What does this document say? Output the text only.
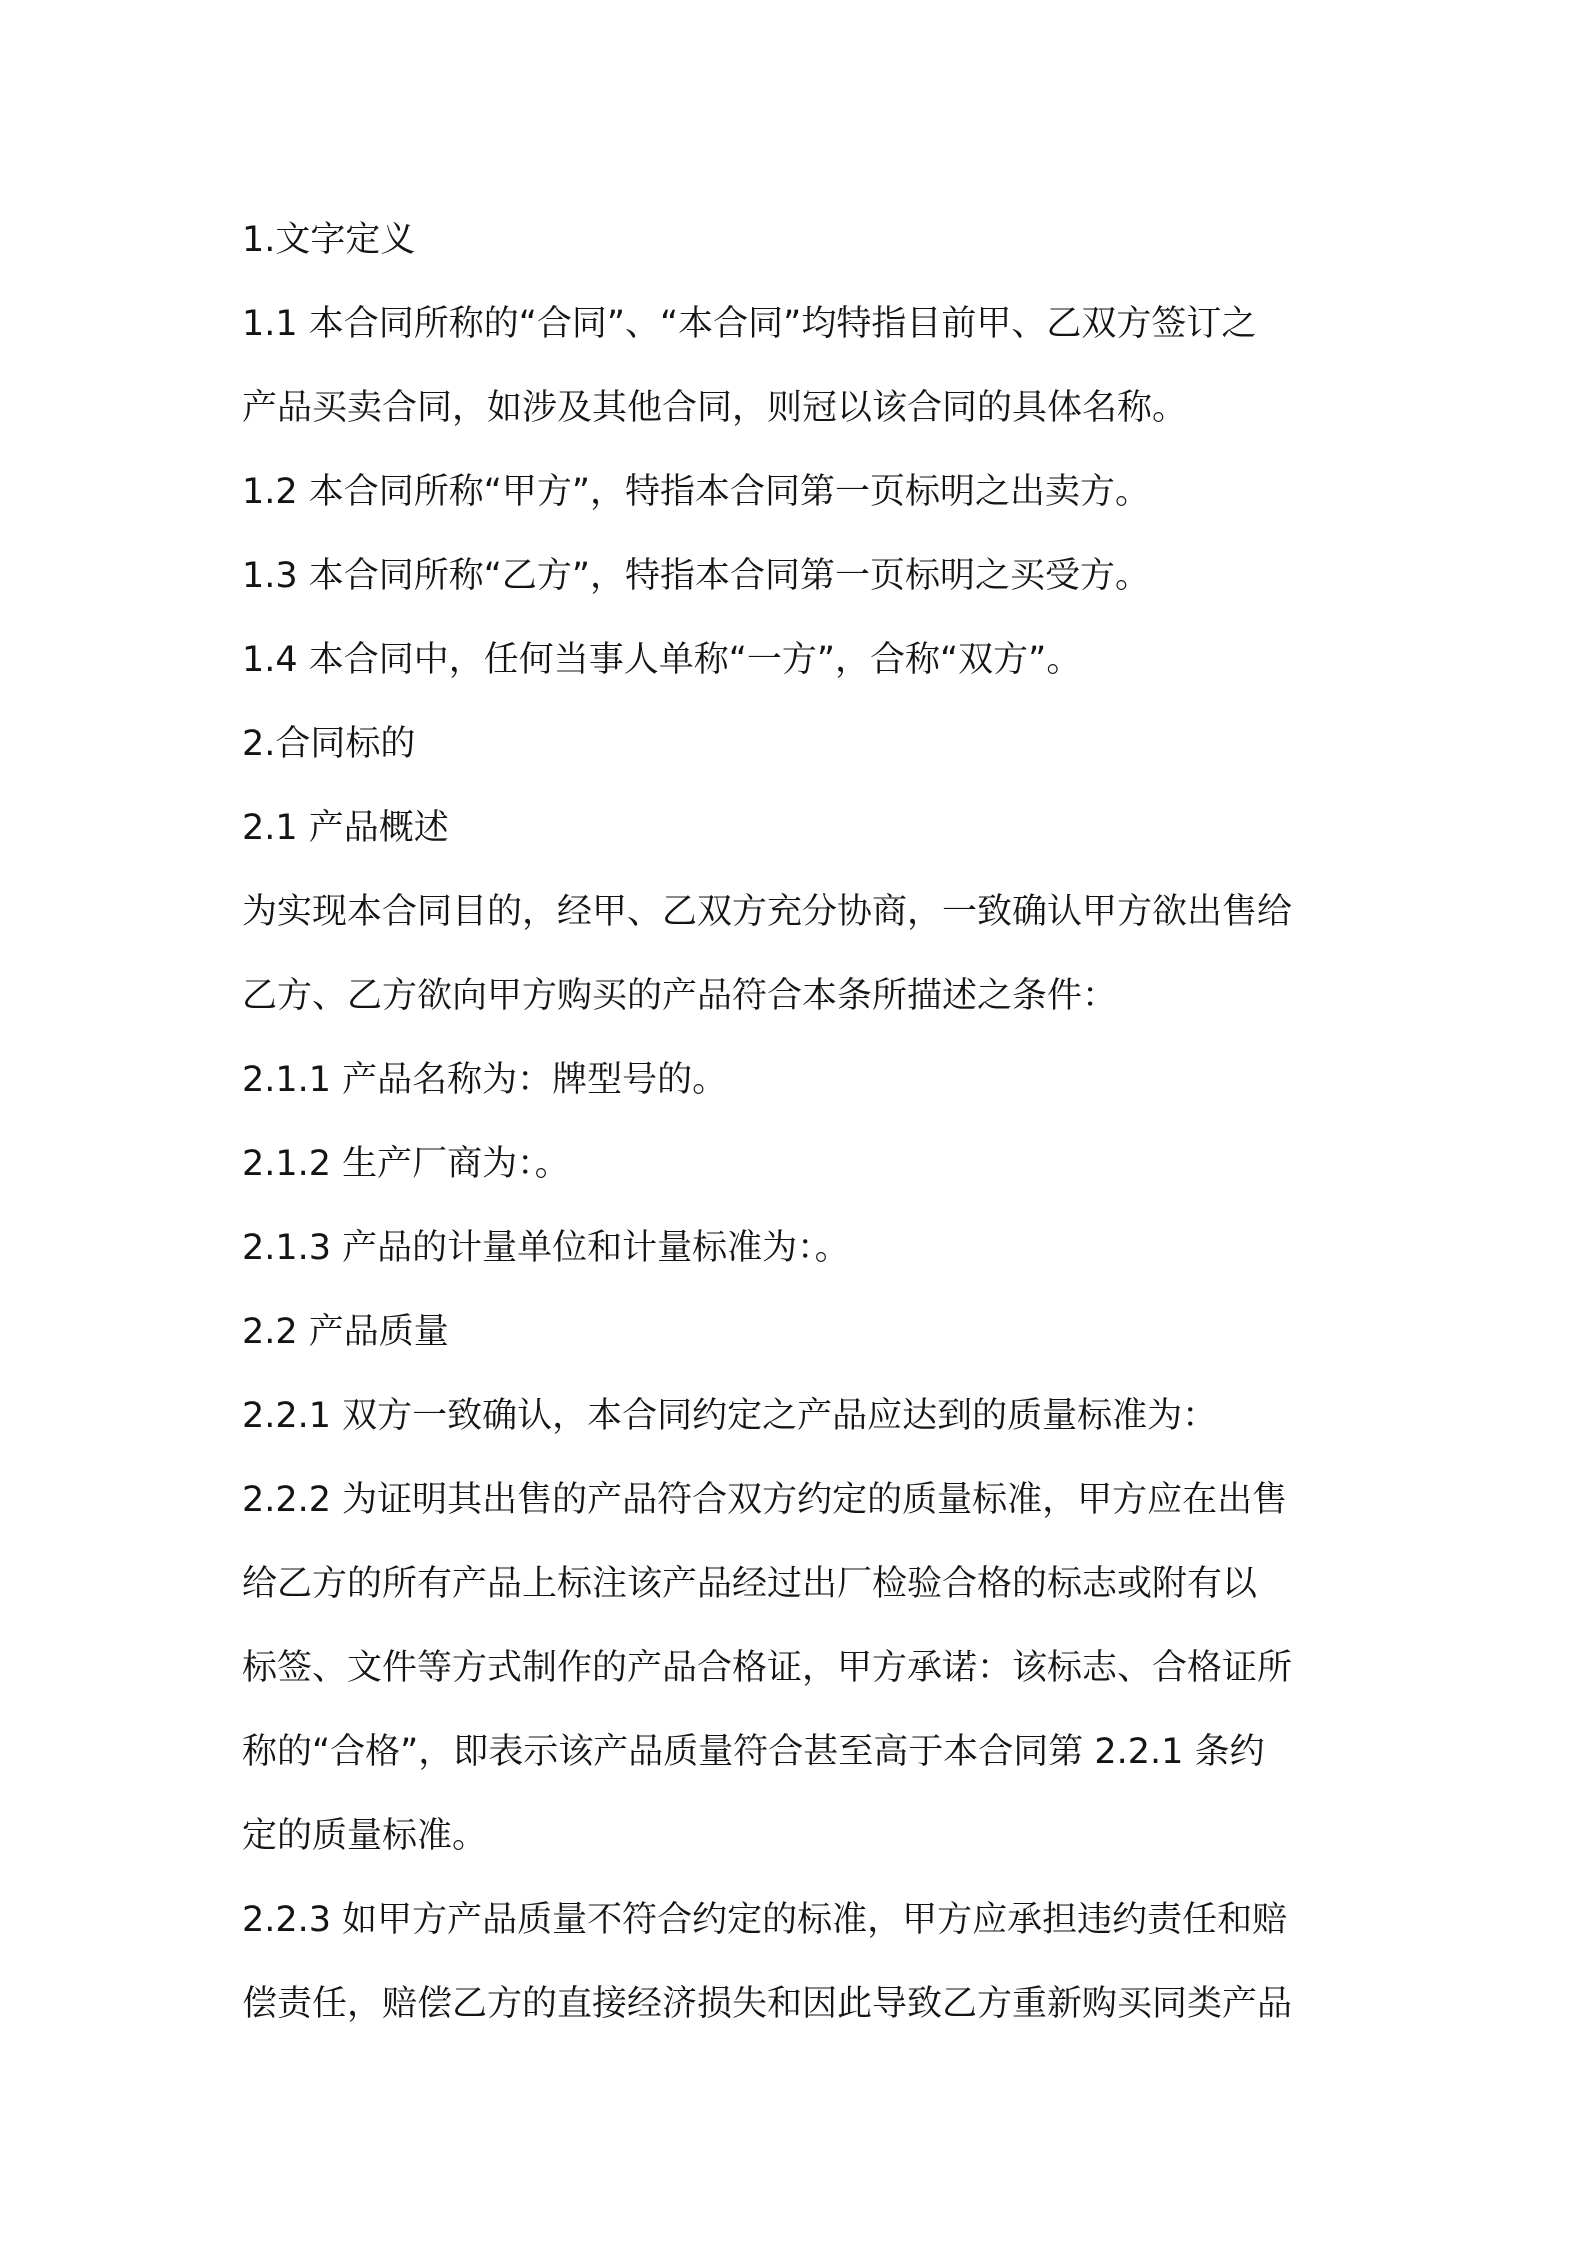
1.文字定义
1.1 本合同所称的“合同”、“本合同”均特指目前甲、乙双方签订之
产品买卖合同，如涉及其他合同，则冠以该合同的具体名称。
1.2 本合同所称“甲方”，特指本合同第一页标明之出卖方。
1.3 本合同所称“乙方”，特指本合同第一页标明之买受方。
1.4 本合同中，任何当事人单称“一方”，合称“双方”。
2.合同标的
2.1 产品概述
为实现本合同目的，经甲、乙双方充分协商，一致确认甲方欲出售给
乙方、乙方欲向甲方购买的产品符合本条所描述之条件：
2.1.1 产品名称为：牌型号的。
2.1.2 生产厂商为：。
2.1.3 产品的计量单位和计量标准为：。
2.2 产品质量
2.2.1 双方一致确认，本合同约定之产品应达到的质量标准为：
2.2.2 为证明其出售的产品符合双方约定的质量标准，甲方应在出售
给乙方的所有产品上标注该产品经过出厂检验合格的标志或附有以
标签、文件等方式制作的产品合格证，甲方承诺：该标志、合格证所
称的“合格”，即表示该产品质量符合甚至高于本合同第 2.2.1 条约
定的质量标准。
2.2.3 如甲方产品质量不符合约定的标准，甲方应承担违约责任和赔
偿责任，赔偿乙方的直接经济损失和因此导致乙方重新购买同类产品
